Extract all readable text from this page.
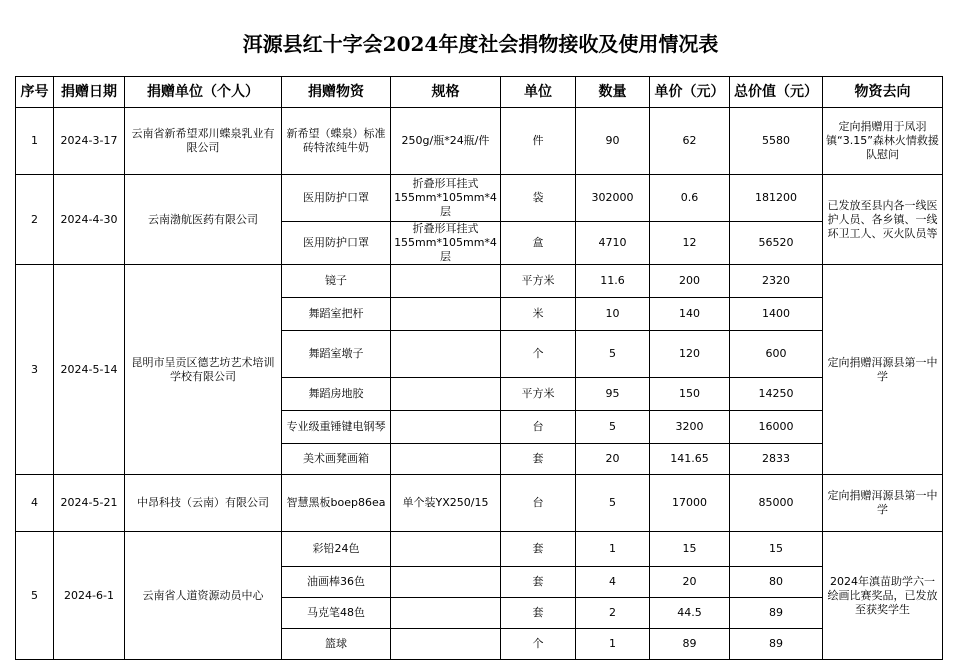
洱源县红十字会2024年度社会捐物接收及使用情况表
序号	捐赠日期	捐赠单位（个人）	捐赠物资	规格	单位	数量	单价（元）	总价值（元）	物资去向
1	2024-3-17	云南省新希望邓川蝶泉乳业有限公司	新希望（蝶泉）标准砖特浓纯牛奶	250g/瓶*24瓶/件	件	90	62	5580	定向捐赠用于凤羽镇“3.15”森林火情救援队慰问
2	2024-4-30	云南渤航医药有限公司	医用防护口罩	折叠形耳挂式155mm*105mm*4层	袋	302000	0.6	181200	已发放至县内各一线医护人员、各乡镇、一线环卫工人、灭火队员等
			医用防护口罩	折叠形耳挂式155mm*105mm*4层	盒	4710	12	56520	
3	2024-5-14	昆明市呈贡区德艺坊艺术培训学校有限公司	镜子		平方米	11.6	200	2320	定向捐赠洱源县第一中学
			舞蹈室把杆		米	10	140	1400	
			舞蹈室墩子		个	5	120	600	
			舞蹈房地胶		平方米	95	150	14250	
			专业级重锤键电钢琴		台	5	3200	16000	
			美术画凳画箱		套	20	141.65	2833	
4	2024-5-21	中昂科技（云南）有限公司	智慧黑板boep86ea	单个装YX250/15	台	5	17000	85000	定向捐赠洱源县第一中学
5	2024-6-1	云南省人道资源动员中心	彩铅24色		套	1	15	15	2024年滇苗助学六一绘画比赛奖品，已发放至获奖学生
			油画棒36色		套	4	20	80	
			马克笔48色		套	2	44.5	89	
			篮球		个	1	89	89	
